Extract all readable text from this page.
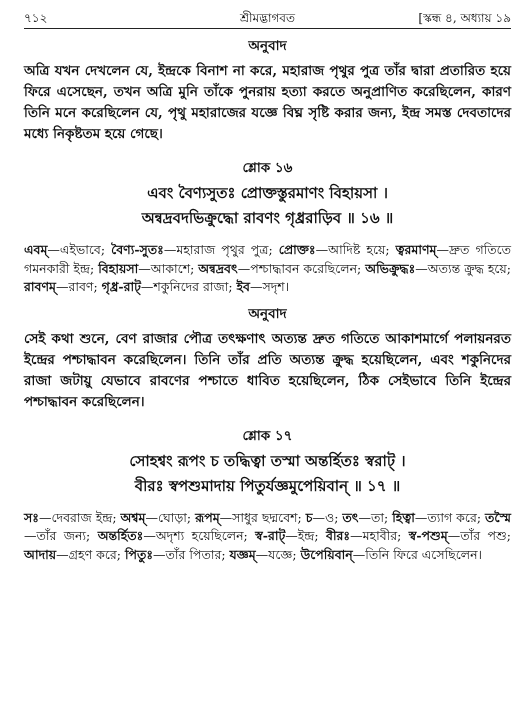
৭১২	শ্রীমদ্ভাগবত	[স্কন্ধ ৪, অধ্যায় ১৯
অনুবাদ

অত্রি যখন দেখলেন যে, ইন্দ্রকে বিনাশ না করে, মহারাজ পৃথুর পুত্র তাঁর দ্বারা প্রতারিত হয়ে ফিরে এসেছেন, তখন অত্রি মুনি তাঁকে পুনরায় হত্যা করতে অনুপ্রাণিত করেছিলেন, কারণ তিনি মনে করেছিলেন যে, পৃথু মহারাজের যজ্ঞে বিঘ্ন সৃষ্টি করার জন্য, ইন্দ্র সমস্ত দেবতাদের মধ্যে নিকৃষ্টতম হয়ে গেছে।

শ্লোক ১৬
এবং বৈণ্যসুতঃ প্রোক্তস্তুরমাণং বিহায়সা ।
অন্বদ্রবদভিক্রুদ্ধো রাবণং গৃধ্ররাড়িব ॥ ১৬ ॥

এবম্—এইভাবে; বৈণ্য-সুতঃ—মহারাজ পৃথুর পুত্র; প্রোক্তঃ—আদিষ্ট হয়ে; ত্বরমাণম্—দ্রুত গতিতে গমনকারী ইন্দ্র; বিহায়সা—আকাশে; অন্বদ্রবৎ—পশ্চাদ্ধাবন করেছিলেন; অভিক্রুদ্ধঃ—অত্যন্ত ক্রুদ্ধ হয়ে; রাবণম্—রাবণ; গৃধ্র-রাট্—শকুনিদের রাজা; ইব—সদৃশ।

অনুবাদ

সেই কথা শুনে, বেণ রাজার পৌত্র তৎক্ষণাৎ অত্যন্ত দ্রুত গতিতে আকাশমার্গে পলায়নরত ইন্দ্রের পশ্চাদ্ধাবন করেছিলেন। তিনি তাঁর প্রতি অত্যন্ত ক্রুদ্ধ হয়েছিলেন, এবং শকুনিদের রাজা জটায়ু যেভাবে রাবণের পশ্চাতে ধাবিত হয়েছিলেন, ঠিক সেইভাবে তিনি ইন্দ্রের পশ্চাদ্ধাবন করেছিলেন।

শ্লোক ১৭
সোহশ্বং রূপং চ তদ্ধিত্বা তস্মা অন্তর্হিতঃ স্বরাট্ ।
বীরঃ স্বপশুমাদায় পিতুর্যজ্ঞমুপেয়িবান্ ॥ ১৭ ॥

সঃ—দেবরাজ ইন্দ্র; অশ্বম্—ঘোড়া; রূপম্—সাধুর ছদ্মবেশ; চ—ও; তৎ—তা; হিত্বা—ত্যাগ করে; তস্মৈ—তাঁর জন্য; অন্তর্হিতঃ—অদৃশ্য হয়েছিলেন; স্ব-রাট্—ইন্দ্র; বীরঃ—মহাবীর; স্ব-পশুম্—তাঁর পশু; আদায়—গ্রহণ করে; পিতুঃ—তাঁর পিতার; যজ্ঞম্—যজ্ঞে; উপেয়িবান্—তিনি ফিরে এসেছিলেন।
